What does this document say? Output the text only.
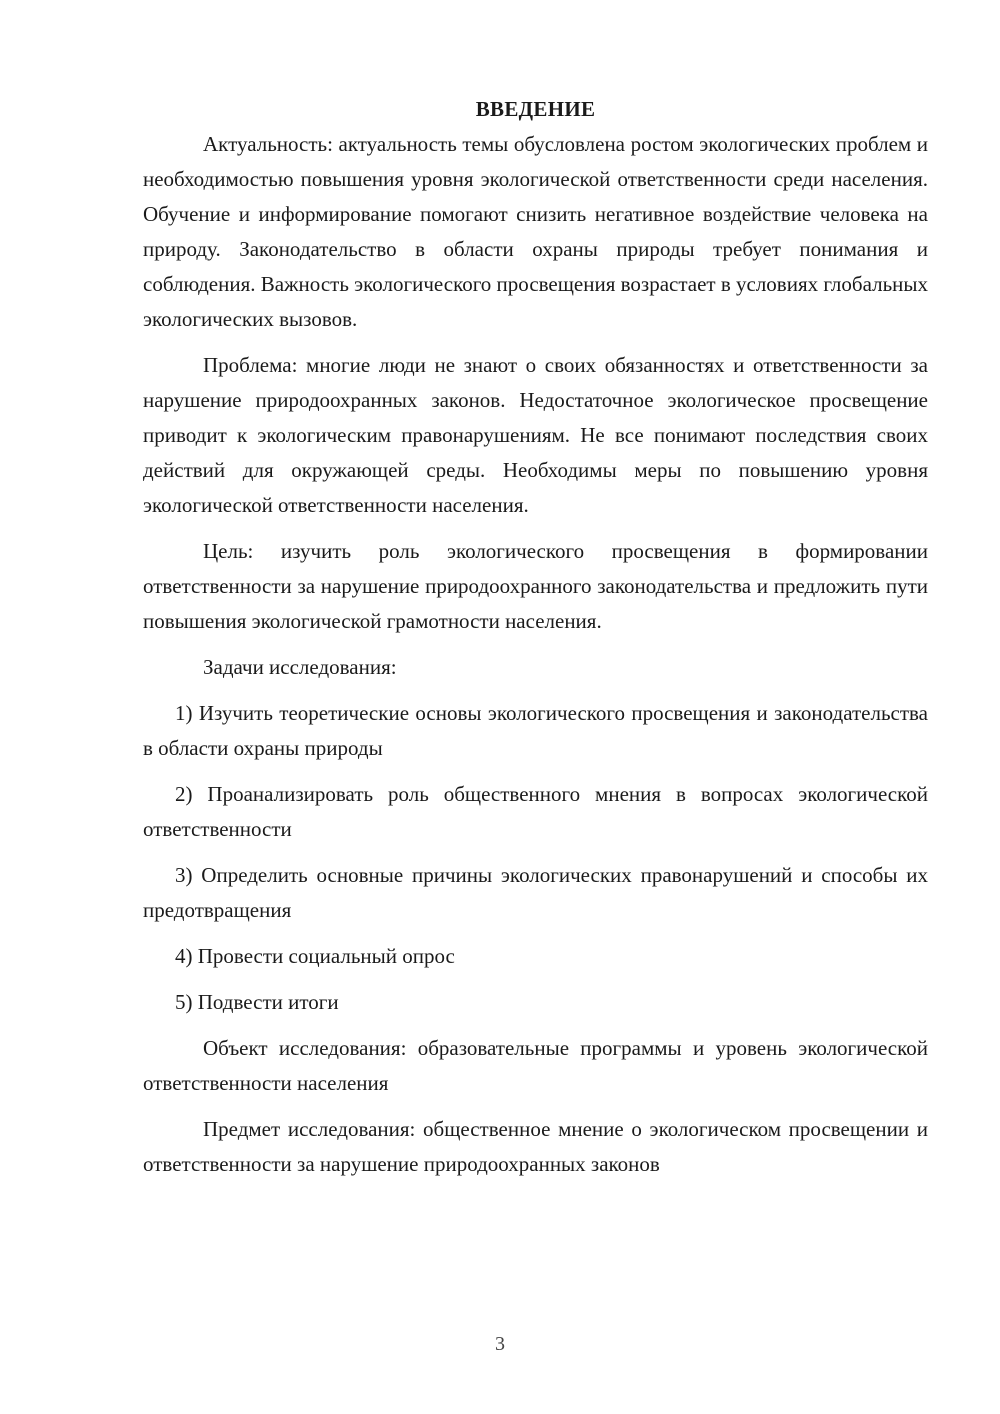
ВВЕДЕНИЕ

Актуальность: актуальность темы обусловлена ростом экологических проблем и необходимостью повышения уровня экологической ответственности среди населения. Обучение и информирование помогают снизить негативное воздействие человека на природу. Законодательство в области охраны природы требует понимания и соблюдения. Важность экологического просвещения возрастает в условиях глобальных экологических вызовов.

Проблема: многие люди не знают о своих обязанностях и ответственности за нарушение природоохранных законов. Недостаточное экологическое просвещение приводит к экологическим правонарушениям. Не все понимают последствия своих действий для окружающей среды. Необходимы меры по повышению уровня экологической ответственности населения.

Цель: изучить роль экологического просвещения в формировании ответственности за нарушение природоохранного законодательства и предложить пути повышения экологической грамотности населения.

Задачи исследования:

1) Изучить теоретические основы экологического просвещения и законодательства в области охраны природы

2) Проанализировать роль общественного мнения в вопросах экологической ответственности

3) Определить основные причины экологических правонарушений и способы их предотвращения

4) Провести социальный опрос

5) Подвести итоги

Объект исследования: образовательные программы и уровень экологической ответственности населения

Предмет исследования: общественное мнение о экологическом просвещении и ответственности за нарушение природоохранных законов

3
